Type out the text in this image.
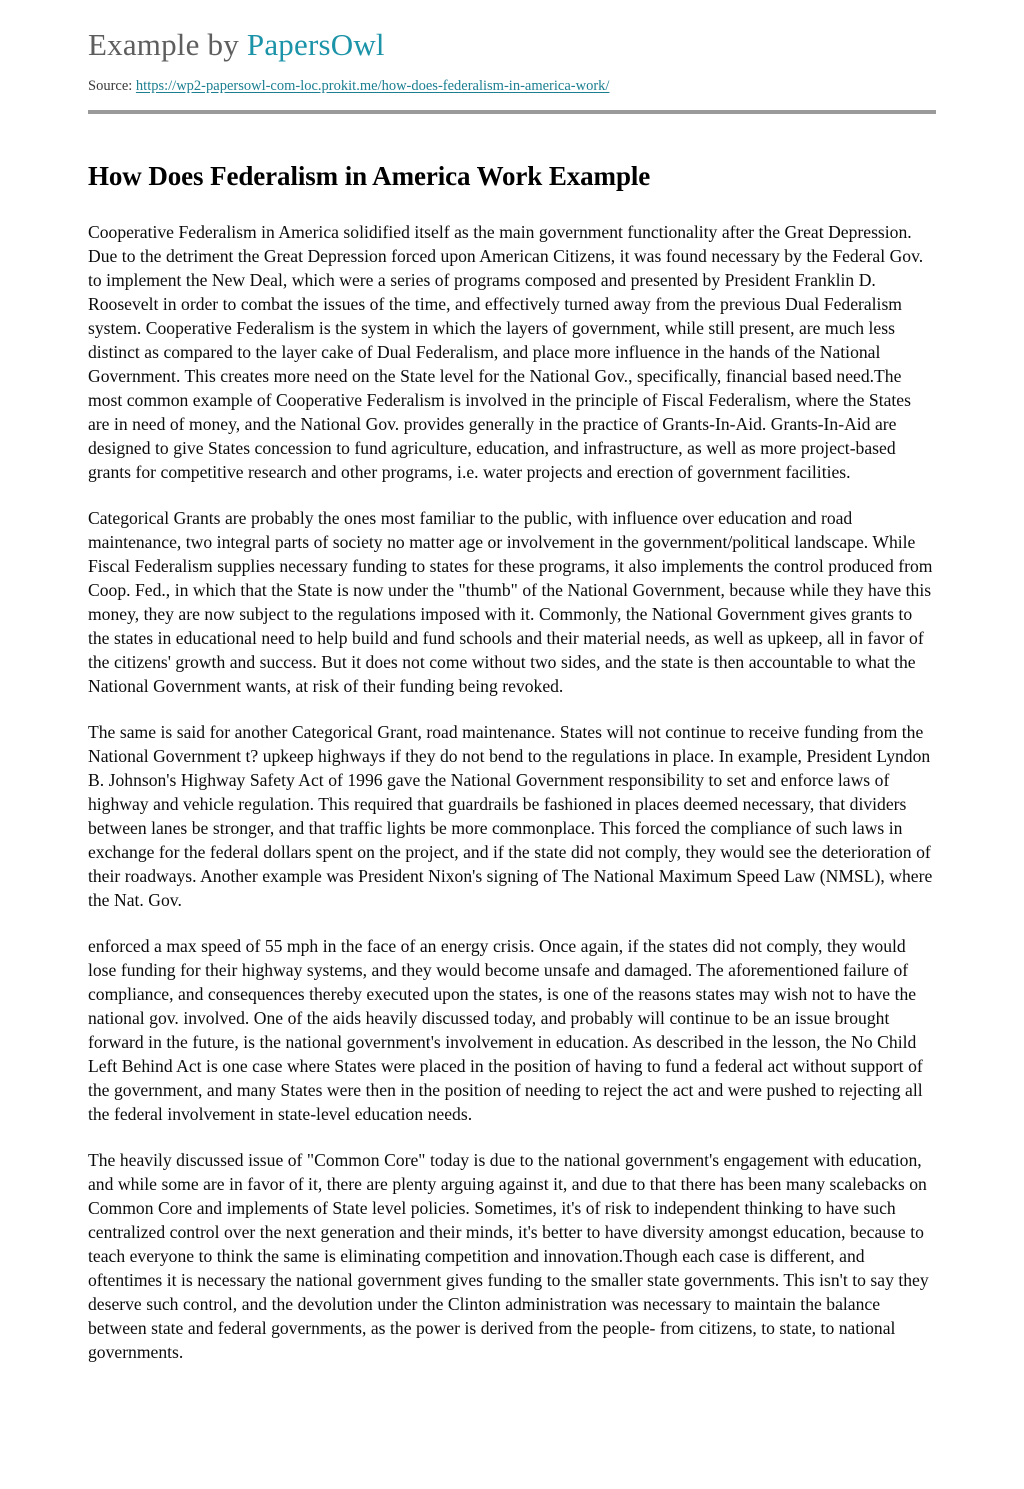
Example by PapersOwl
Source: https://wp2-papersowl-com-loc.prokit.me/how-does-federalism-in-america-work/
How Does Federalism in America Work Example

Cooperative Federalism in America solidified itself as the main government functionality after the Great Depression. Due to the detriment the Great Depression forced upon American Citizens, it was found necessary by the Federal Gov. to implement the New Deal, which were a series of programs composed and presented by President Franklin D. Roosevelt in order to combat the issues of the time, and effectively turned away from the previous Dual Federalism system. Cooperative Federalism is the system in which the layers of government, while still present, are much less distinct as compared to the layer cake of Dual Federalism, and place more influence in the hands of the National Government. This creates more need on the State level for the National Gov., specifically, financial based need.The most common example of Cooperative Federalism is involved in the principle of Fiscal Federalism, where the States are in need of money, and the National Gov. provides generally in the practice of Grants-In-Aid. Grants-In-Aid are designed to give States concession to fund agriculture, education, and infrastructure, as well as more project-based grants for competitive research and other programs, i.e. water projects and erection of government facilities.

Categorical Grants are probably the ones most familiar to the public, with influence over education and road maintenance, two integral parts of society no matter age or involvement in the government/political landscape. While Fiscal Federalism supplies necessary funding to states for these programs, it also implements the control produced from Coop. Fed., in which that the State is now under the "thumb" of the National Government, because while they have this money, they are now subject to the regulations imposed with it. Commonly, the National Government gives grants to the states in educational need to help build and fund schools and their material needs, as well as upkeep, all in favor of the citizens' growth and success. But it does not come without two sides, and the state is then accountable to what the National Government wants, at risk of their funding being revoked.

The same is said for another Categorical Grant, road maintenance. States will not continue to receive funding from the National Government t? upkeep highways if they do not bend to the regulations in place. In example, President Lyndon B. Johnson's Highway Safety Act of 1996 gave the National Government responsibility to set and enforce laws of highway and vehicle regulation. This required that guardrails be fashioned in places deemed necessary, that dividers between lanes be stronger, and that traffic lights be more commonplace. This forced the compliance of such laws in exchange for the federal dollars spent on the project, and if the state did not comply, they would see the deterioration of their roadways. Another example was President Nixon's signing of The National Maximum Speed Law (NMSL), where the Nat. Gov.

enforced a max speed of 55 mph in the face of an energy crisis. Once again, if the states did not comply, they would lose funding for their highway systems, and they would become unsafe and damaged. The aforementioned failure of compliance, and consequences thereby executed upon the states, is one of the reasons states may wish not to have the national gov. involved. One of the aids heavily discussed today, and probably will continue to be an issue brought forward in the future, is the national government's involvement in education. As described in the lesson, the No Child Left Behind Act is one case where States were placed in the position of having to fund a federal act without support of the government, and many States were then in the position of needing to reject the act and were pushed to rejecting all the federal involvement in state-level education needs.

The heavily discussed issue of "Common Core" today is due to the national government's engagement with education, and while some are in favor of it, there are plenty arguing against it, and due to that there has been many scalebacks on Common Core and implements of State level policies. Sometimes, it's of risk to independent thinking to have such centralized control over the next generation and their minds, it's better to have diversity amongst education, because to teach everyone to think the same is eliminating competition and innovation.Though each case is different, and oftentimes it is necessary the national government gives funding to the smaller state governments. This isn't to say they deserve such control, and the devolution under the Clinton administration was necessary to maintain the balance between state and federal governments, as the power is derived from the people- from citizens, to state, to national governments.
